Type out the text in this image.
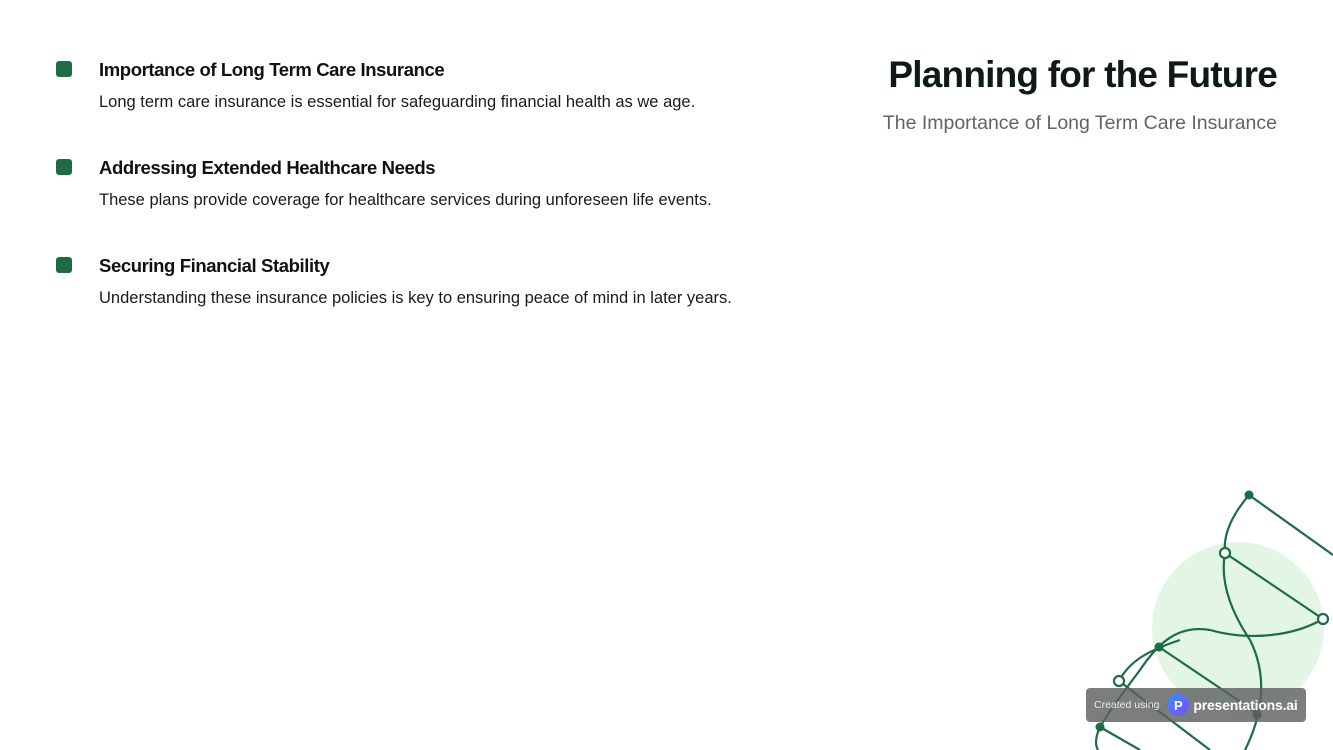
Importance of Long Term Care Insurance
Long term care insurance is essential for safeguarding financial health as we age.
Addressing Extended Healthcare Needs
These plans provide coverage for healthcare services during unforeseen life events.
Securing Financial Stability
Understanding these insurance policies is key to ensuring peace of mind in later years.
Planning for the Future
The Importance of Long Term Care Insurance
Created using	P presentations.ai
